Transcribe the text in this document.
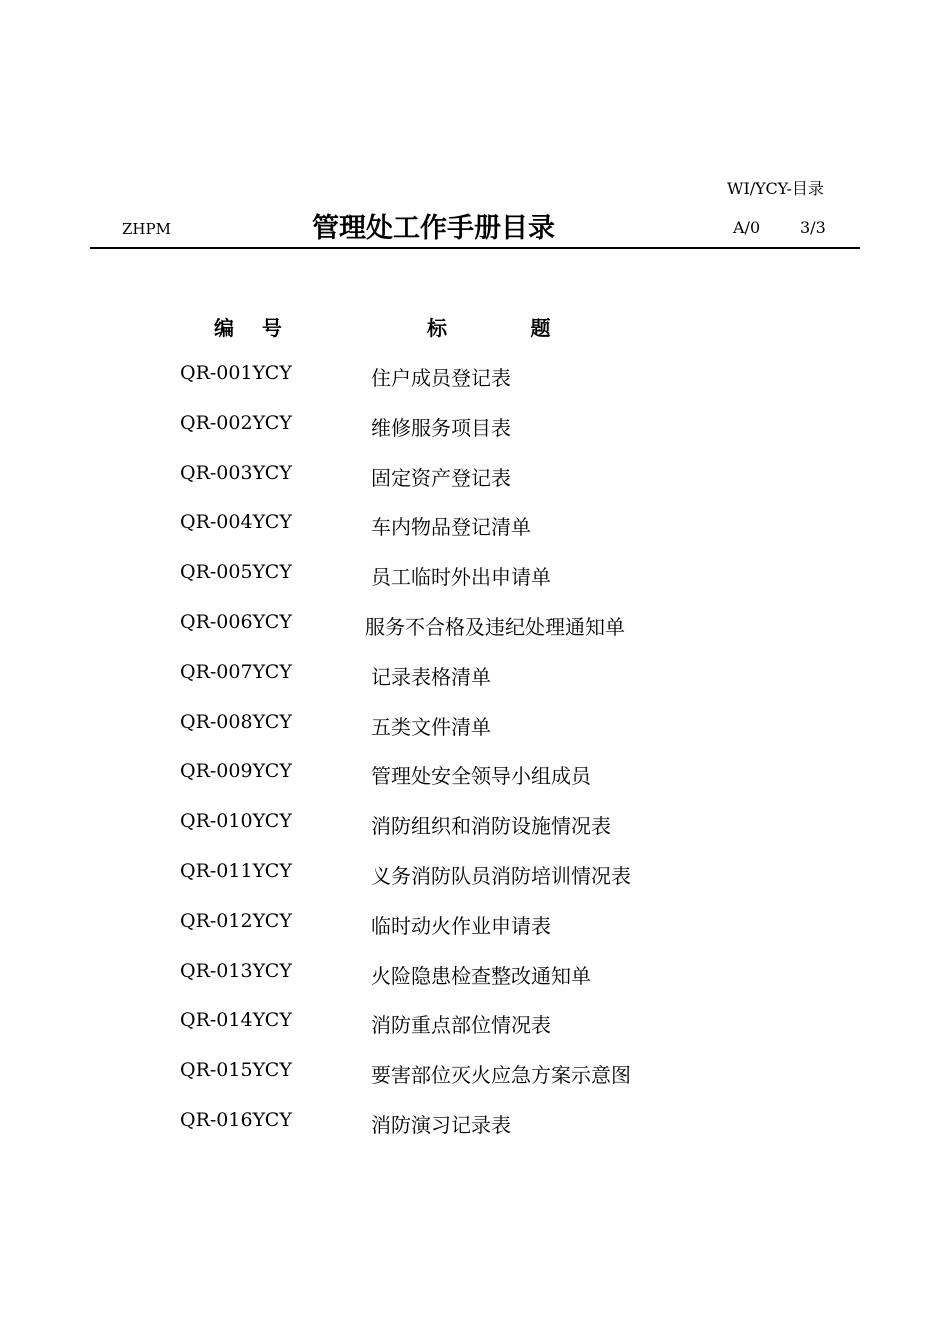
WI/YCY-目录
ZHPM	管理处工作手册目录	A/0 3/3
编    号	标            题
QR-001YCY	住户成员登记表
QR-002YCY	维修服务项目表
QR-003YCY	固定资产登记表
QR-004YCY	车内物品登记清单
QR-005YCY	员工临时外出申请单
QR-006YCY	服务不合格及违纪处理通知单
QR-007YCY	记录表格清单
QR-008YCY	五类文件清单
QR-009YCY	管理处安全领导小组成员
QR-010YCY	消防组织和消防设施情况表
QR-011YCY	义务消防队员消防培训情况表
QR-012YCY	临时动火作业申请表
QR-013YCY	火险隐患检查整改通知单
QR-014YCY	消防重点部位情况表
QR-015YCY	要害部位灭火应急方案示意图
QR-016YCY	消防演习记录表
